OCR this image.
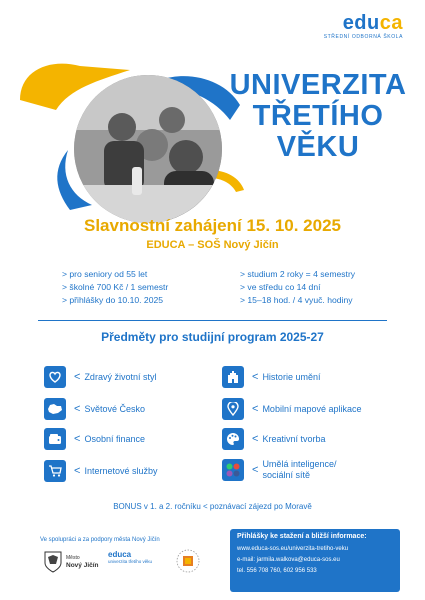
educa
STŘEDNÍ ODBORNÁ ŠKOLA
UNIVERZITA
TŘETÍHO
VĚKU
Slavnostní zahájení 15. 10. 2025
EDUCA – SOŠ Nový Jičín
> pro seniory od 55 let
> školné 700 Kč / 1 semestr
> přihlášky do 10.10. 2025
> studium 2 roky = 4 semestry
> ve středu co 14 dní
> 15–18 hod. / 4 vyuč. hodiny
Předměty pro studijní program 2025-27
< Zdravý životní styl
< Světové Česko
< Osobní finance
< Internetové služby
< Historie umění
< Mobilní mapové aplikace
< Kreativní tvorba
< Umělá inteligence/
sociální sítě
BONUS v 1. a 2. ročníku < poznávací zájezd po Moravě
Ve spolupráci a za podpory města Nový Jičín
Město
Nový Jičín
educa
univerzita třetího věku
Přihlášky ke stažení a bližší informace:
www.educa-sos.eu/univerzita-tretiho-veku
e-mail: jarmila.walkova@educa-sos.eu
tel. 556 708 760, 602 956 533
